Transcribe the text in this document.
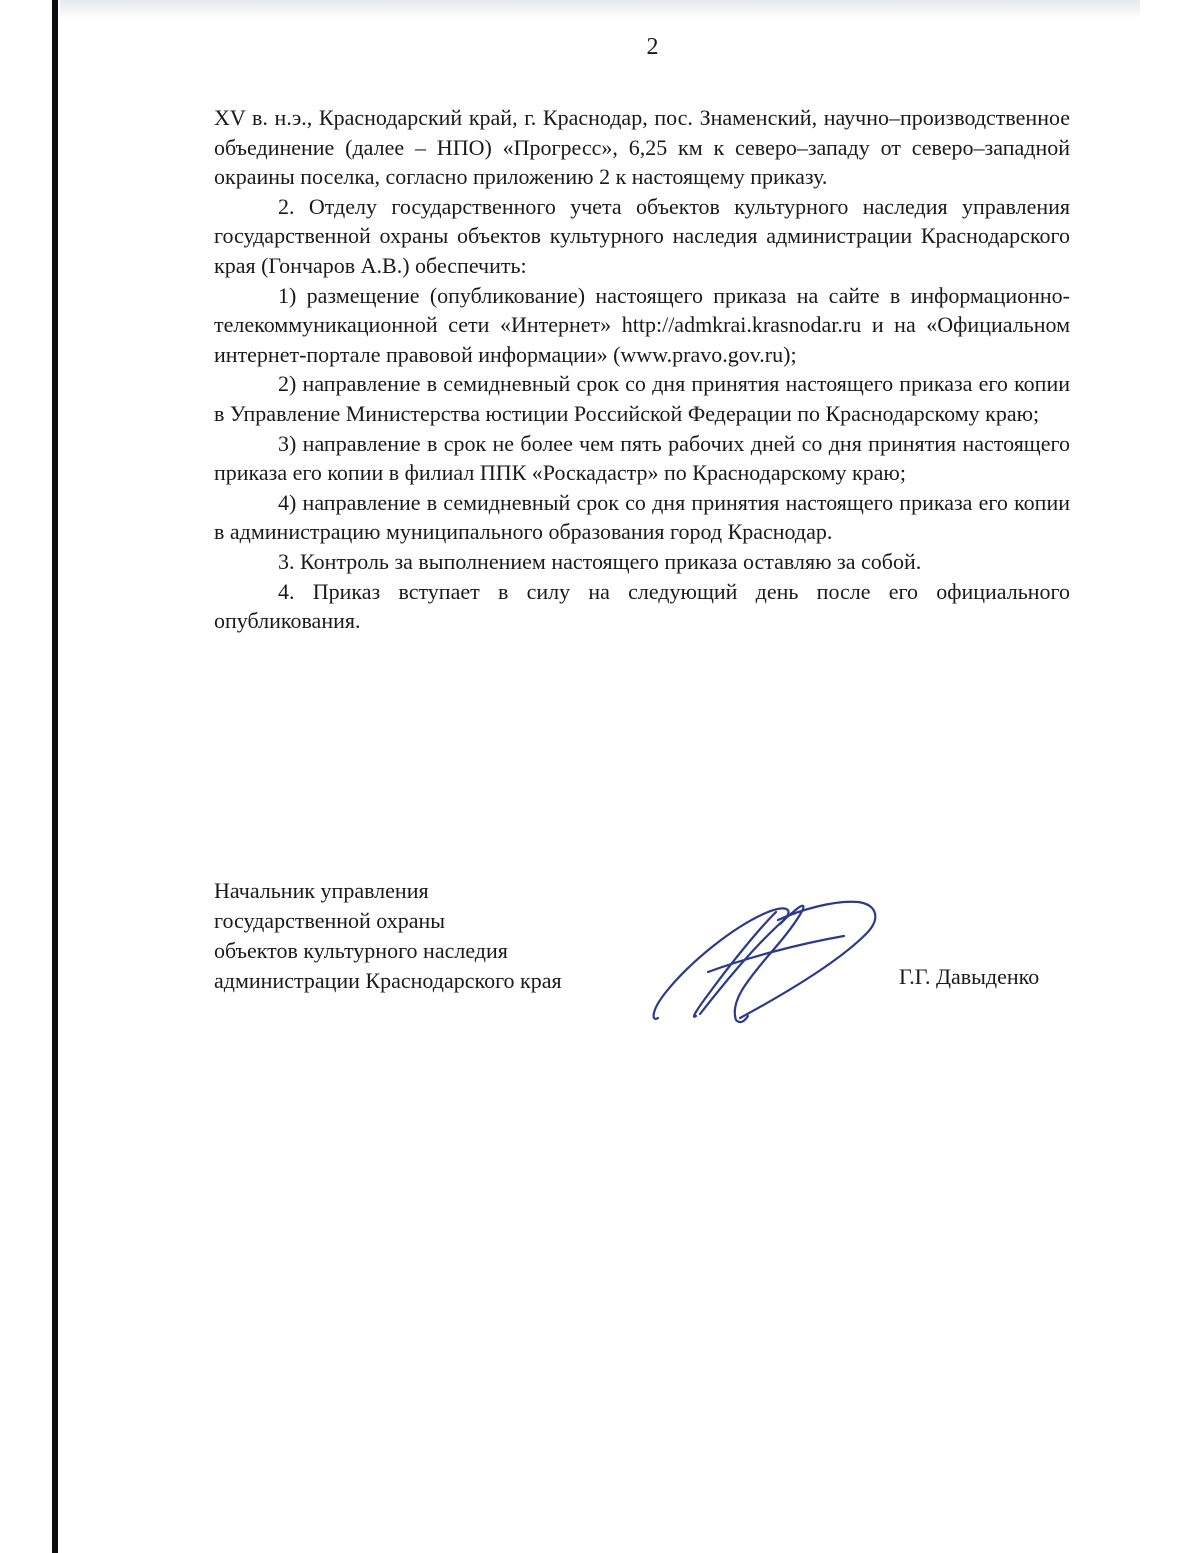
2

XV в. н.э., Краснодарский край, г. Краснодар, пос. Знаменский, научно–производственное объединение (далее – НПО) «Прогресс», 6,25 км к северо–западу от северо–западной окраины поселка, согласно приложению 2 к настоящему приказу.

2. Отделу государственного учета объектов культурного наследия управления государственной охраны объектов культурного наследия администрации Краснодарского края (Гончаров А.В.) обеспечить:

1) размещение (опубликование) настоящего приказа на сайте в информационно-телекоммуникационной сети «Интернет» http://admkrai.krasnodar.ru и на «Официальном интернет-портале правовой информации» (www.pravo.gov.ru);

2) направление в семидневный срок со дня принятия настоящего приказа его копии в Управление Министерства юстиции Российской Федерации по Краснодарскому краю;

3) направление в срок не более чем пять рабочих дней со дня принятия настоящего приказа его копии в филиал ППК «Роскадастр» по Краснодарскому краю;

4) направление в семидневный срок со дня принятия настоящего приказа его копии в администрацию муниципального образования город Краснодар.

3. Контроль за выполнением настоящего приказа оставляю за собой.

4. Приказ вступает в силу на следующий день после его официального опубликования.

Начальник управления
государственной охраны
объектов культурного наследия
администрации Краснодарского края	Г.Г. Давыденко
